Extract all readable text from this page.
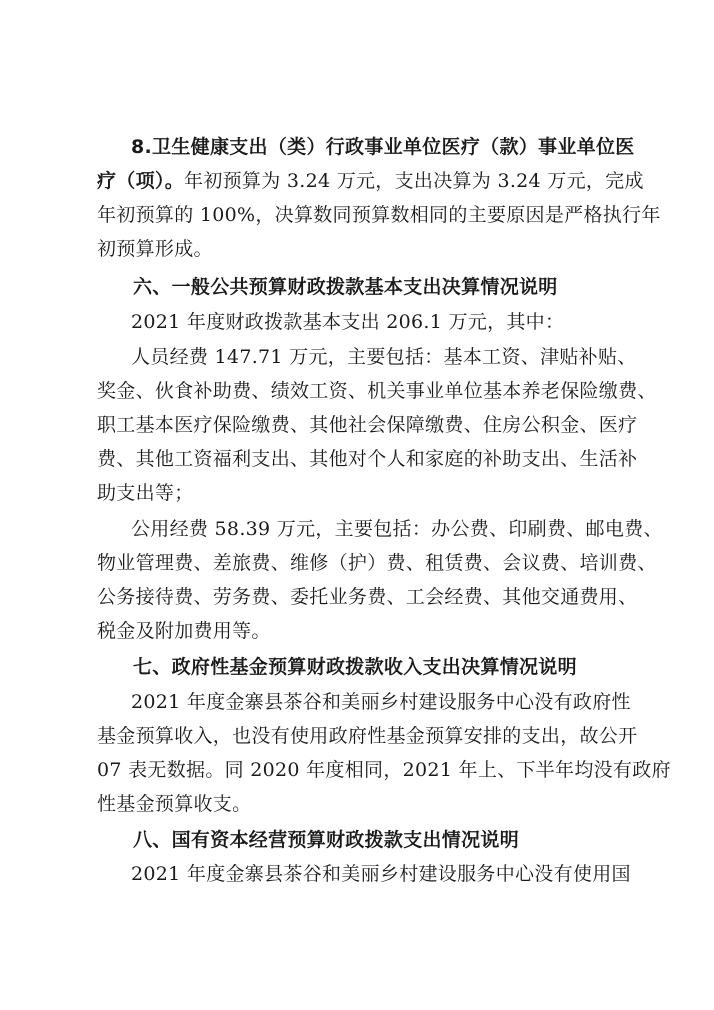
8.卫生健康支出（类）行政事业单位医疗（款）事业单位医
疗（项）。年初预算为 3.24 万元，支出决算为 3.24 万元，完成
年初预算的 100%，决算数同预算数相同的主要原因是严格执行年
初预算形成。
六、一般公共预算财政拨款基本支出决算情况说明
2021 年度财政拨款基本支出 206.1 万元，其中：
人员经费 147.71 万元，主要包括：基本工资、津贴补贴、
奖金、伙食补助费、绩效工资、机关事业单位基本养老保险缴费、
职工基本医疗保险缴费、其他社会保障缴费、住房公积金、医疗
费、其他工资福利支出、其他对个人和家庭的补助支出、生活补
助支出等；
公用经费 58.39 万元，主要包括：办公费、印刷费、邮电费、
物业管理费、差旅费、维修（护）费、租赁费、会议费、培训费、
公务接待费、劳务费、委托业务费、工会经费、其他交通费用、
税金及附加费用等。
七、政府性基金预算财政拨款收入支出决算情况说明
2021 年度金寨县茶谷和美丽乡村建设服务中心没有政府性
基金预算收入，也没有使用政府性基金预算安排的支出，故公开
07 表无数据。同 2020 年度相同，2021 年上、下半年均没有政府
性基金预算收支。
八、国有资本经营预算财政拨款支出情况说明
2021 年度金寨县茶谷和美丽乡村建设服务中心没有使用国
